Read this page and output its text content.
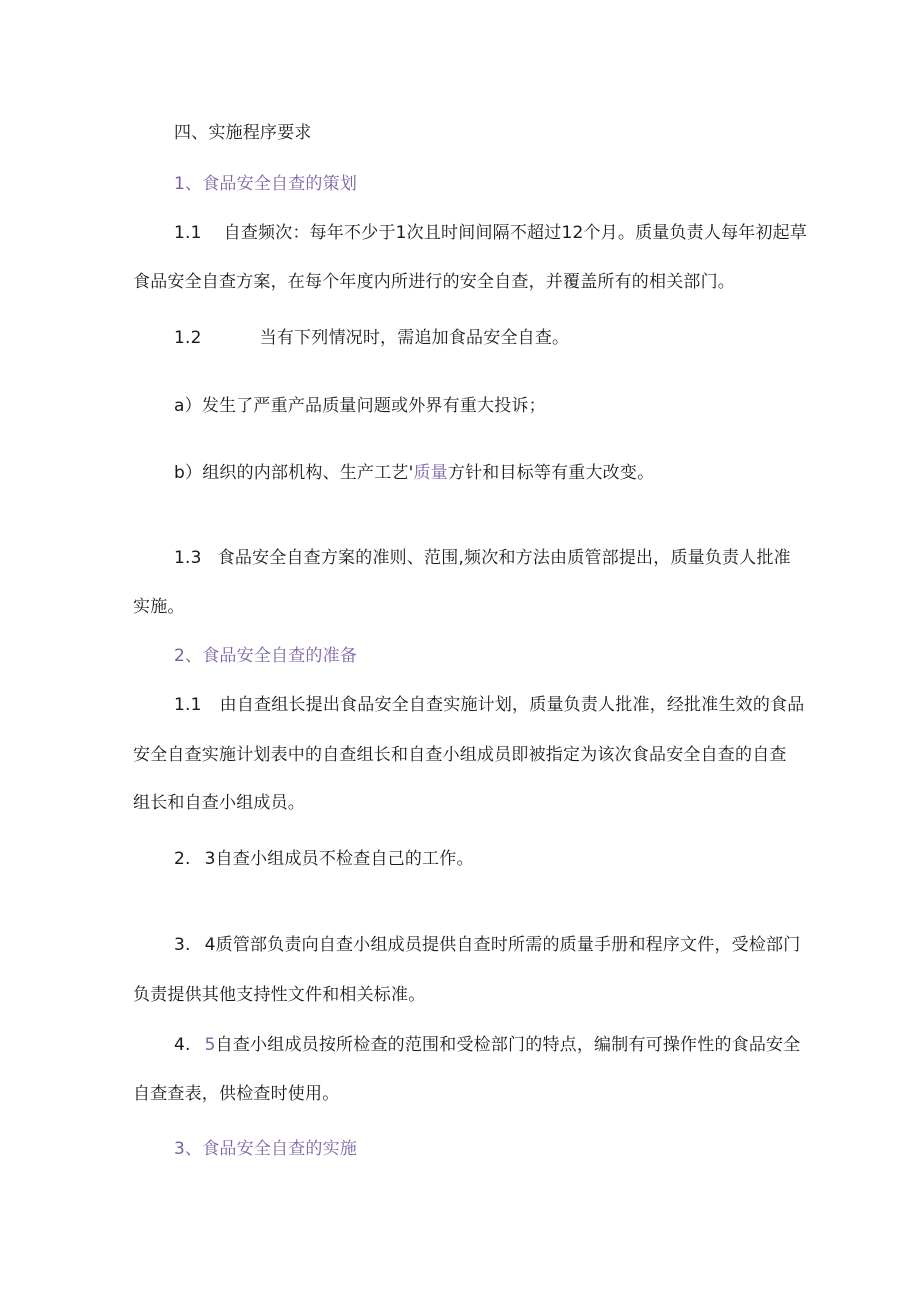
四、实施程序要求
1、食品安全自查的策划
1.1 自查频次：每年不少于1次且时间间隔不超过12个月。质量负责人每年初起草
食品安全自查方案，在每个年度内所进行的安全自查，并覆盖所有的相关部门。
1.2	当有下列情况时，需追加食品安全自查。
a）发生了严重产品质量问题或外界有重大投诉；
b）组织的内部机构、生产工艺'质量方针和目标等有重大改变。
1.3 食品安全自查方案的准则、范围,频次和方法由质管部提出，质量负责人批准
实施。
2、食品安全自查的准备
1.1 由自查组长提出食品安全自查实施计划，质量负责人批准，经批准生效的食品
安全自查实施计划表中的自查组长和自查小组成员即被指定为该次食品安全自查的自查
组长和自查小组成员。
2. 3自查小组成员不检查自己的工作。
3. 4质管部负责向自查小组成员提供自查时所需的质量手册和程序文件，受检部门
负责提供其他支持性文件和相关标准。
4. 5自查小组成员按所检查的范围和受检部门的特点，编制有可操作性的食品安全
自查查表，供检查时使用。
3、食品安全自查的实施
